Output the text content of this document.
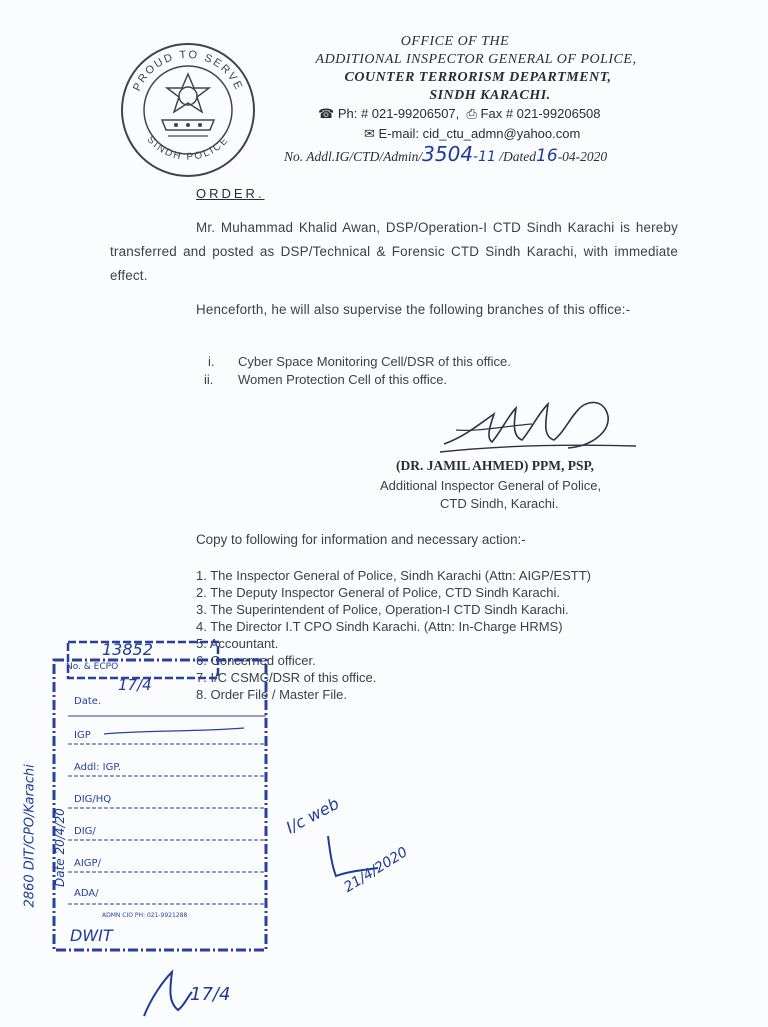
PROUD TO SERVE
SINDH POLICE
OFFICE OF THE
ADDITIONAL INSPECTOR GENERAL OF POLICE,
COUNTER TERRORISM DEPARTMENT,
SINDH KARACHI.
☎ Ph: # 021-99206507, ⎙ Fax # 021-99206508
✉ E-mail: cid_ctu_admn@yahoo.com
No. Addl.IG/CTD/Admin/3504-11 /Dated16-04-2020
ORDER.
Mr. Muhammad Khalid Awan, DSP/Operation-I CTD Sindh Karachi is hereby transferred and posted as DSP/Technical & Forensic CTD Sindh Karachi, with immediate effect.
Henceforth, he will also supervise the following branches of this office:-
i. Cyber Space Monitoring Cell/DSR of this office.
ii. Women Protection Cell of this office.
(DR. JAMIL AHMED) PPM, PSP,
Additional Inspector General of Police,
CTD Sindh, Karachi.
Copy to following for information and necessary action:-
1. The Inspector General of Police, Sindh Karachi (Attn: AIGP/ESTT)
2. The Deputy Inspector General of Police, CTD Sindh Karachi.
3. The Superintendent of Police, Operation-I CTD Sindh Karachi.
4. The Director I.T CPO Sindh Karachi. (Attn: In-Charge HRMS)
5. Accountant.
6. Concerned officer.
7. I/C CSMC/DSR of this office.
8. Order File / Master File.
13852
No. & ECPO
17/4
Date.
IGP
Addl: IGP.
DIG/HQ
DIG/
AIGP/
ADA/
ADMN CIO PH: 021-9921288
DWIT
2860 DIT/CPO/Karachi Date 20/4/20	I/c web
21/4/2020
17/4
